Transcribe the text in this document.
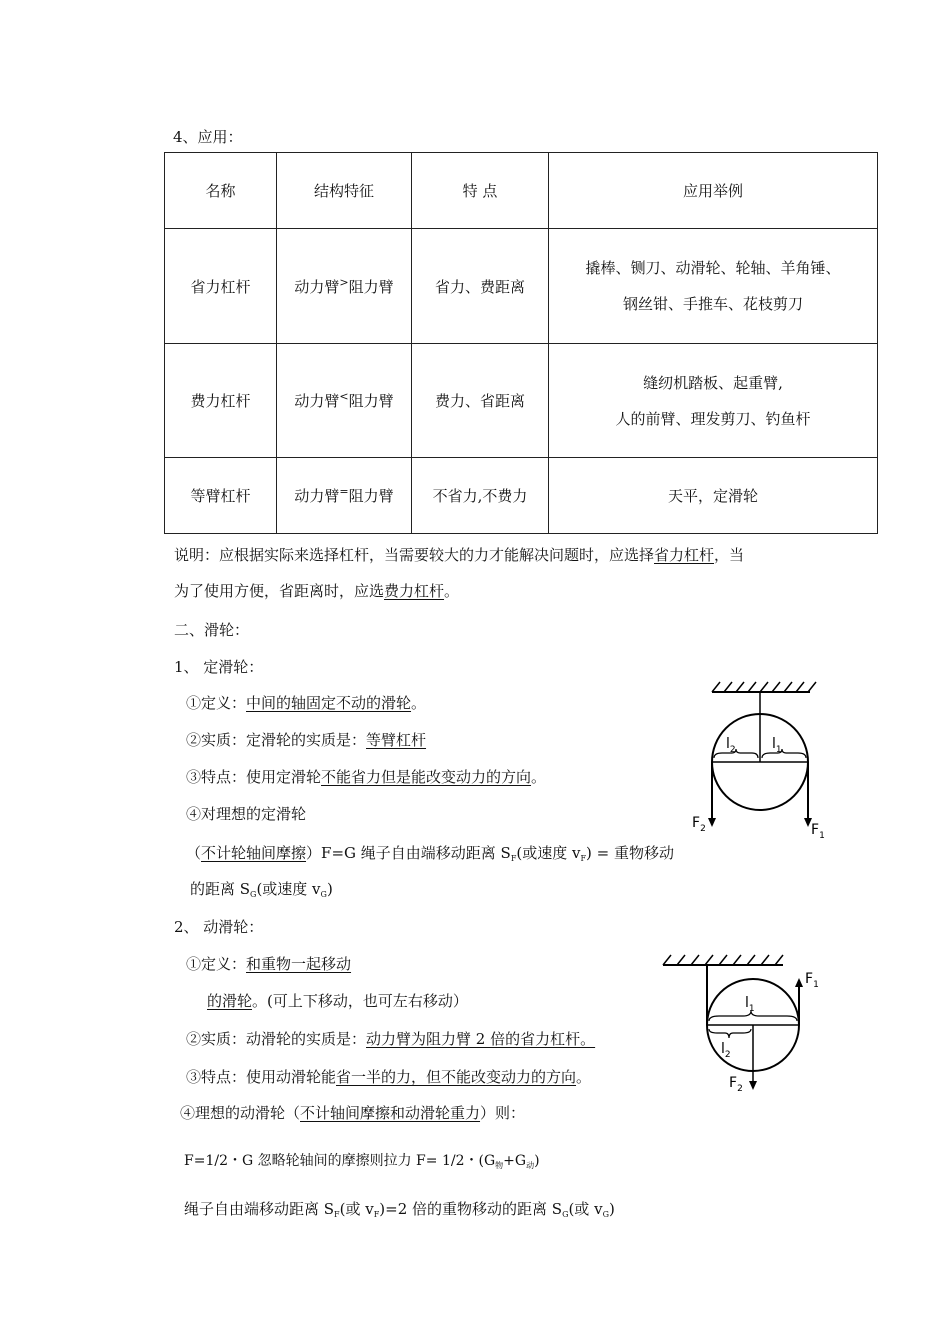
4、应用：
名称	结构特征	特 点	应用举例
省力杠杆	动力臂>阻力臂	省力、费距离	撬棒、铡刀、动滑轮、轮轴、羊角锤、
钢丝钳、手推车、花枝剪刀

费力杠杆	动力臂<阻力臂	费力、省距离	缝纫机踏板、起重臂,
人的前臂、理发剪刀、钓鱼杆

等臂杠杆	动力臂=阻力臂	不省力,不费力	天平，定滑轮
说明：应根据实际来选择杠杆，当需要较大的力才能解决问题时，应选择省力杠杆，当
为了使用方便，省距离时，应选费力杠杆。
二、滑轮：
1、 定滑轮：
①定义：中间的轴固定不动的滑轮。
②实质：定滑轮的实质是：等臂杠杆
③特点：使用定滑轮不能省力但是能改变动力的方向。
④对理想的定滑轮
（不计轮轴间摩擦）F=G 绳子自由端移动距离 $S_F$(或速度 $v_F$) = 重物移动
的距离 $S_G$(或速度 $v_G$)
2、 动滑轮：
①定义：和重物一起移动
的滑轮。(可上下移动，也可左右移动）
②实质：动滑轮的实质是：动力臂为阻力臂 2 倍的省力杠杆。
③特点：使用动滑轮能省一半的力，但不能改变动力的方向。
④理想的动滑轮（不计轴间摩擦和动滑轮重力）则：
F=1/2・G 忽略轮轴间的摩擦则拉力 F= 1/2・$(G_物+G_动)$
绳子自由端移动距离 $S_F$(或 $v_F)=2$ 倍的重物移动的距离 $S_G$(或 $v_G$)
$l_2$	$l_1$
$F_2$	$F_1$
$l_1$
$l_2$
$F_1$
$F_2$
